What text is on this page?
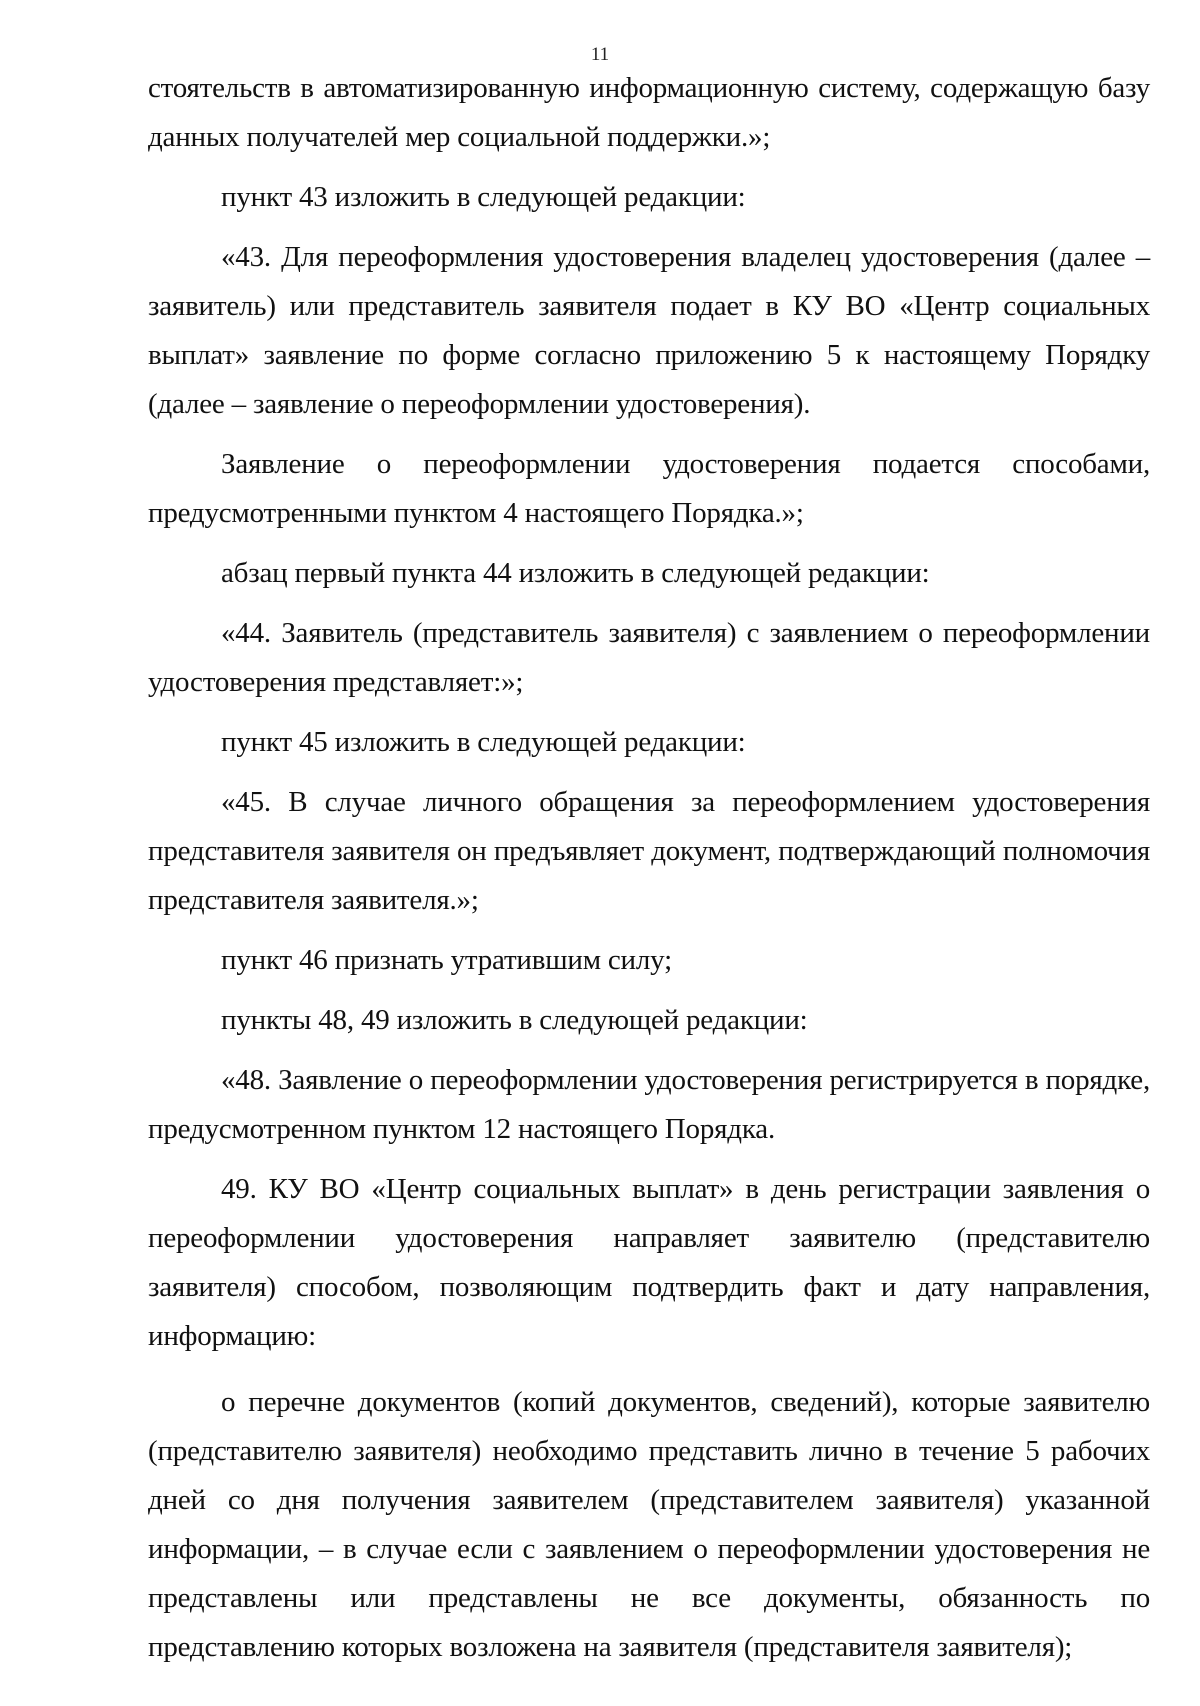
11

стоятельств в автоматизированную информационную систему, содержащую базу данных получателей мер социальной поддержки.»;

пункт 43 изложить в следующей редакции:

«43. Для переоформления удостоверения владелец удостоверения (далее – заявитель) или представитель заявителя подает в КУ ВО «Центр социальных выплат» заявление по форме согласно приложению 5 к настоящему Порядку (далее – заявление о переоформлении удостоверения).

Заявление о переоформлении удостоверения подается способами, предусмотренными пунктом 4 настоящего Порядка.»;

абзац первый пункта 44 изложить в следующей редакции:

«44. Заявитель (представитель заявителя) с заявлением о переоформлении удостоверения представляет:»;

пункт 45 изложить в следующей редакции:

«45. В случае личного обращения за переоформлением удостоверения представителя заявителя он предъявляет документ, подтверждающий полномочия представителя заявителя.»;

пункт 46 признать утратившим силу;

пункты 48, 49 изложить в следующей редакции:

«48. Заявление о переоформлении удостоверения регистрируется в порядке, предусмотренном пунктом 12 настоящего Порядка.

49. КУ ВО «Центр социальных выплат» в день регистрации заявления о переоформлении удостоверения направляет заявителю (представителю заявителя) способом, позволяющим подтвердить факт и дату направления, информацию:

о перечне документов (копий документов, сведений), которые заявителю (представителю заявителя) необходимо представить лично в течение 5 рабочих дней со дня получения заявителем (представителем заявителя) указанной информации, – в случае если с заявлением о переоформлении удостоверения не представлены или представлены не все документы, обязанность по представлению которых возложена на заявителя (представителя заявителя);
